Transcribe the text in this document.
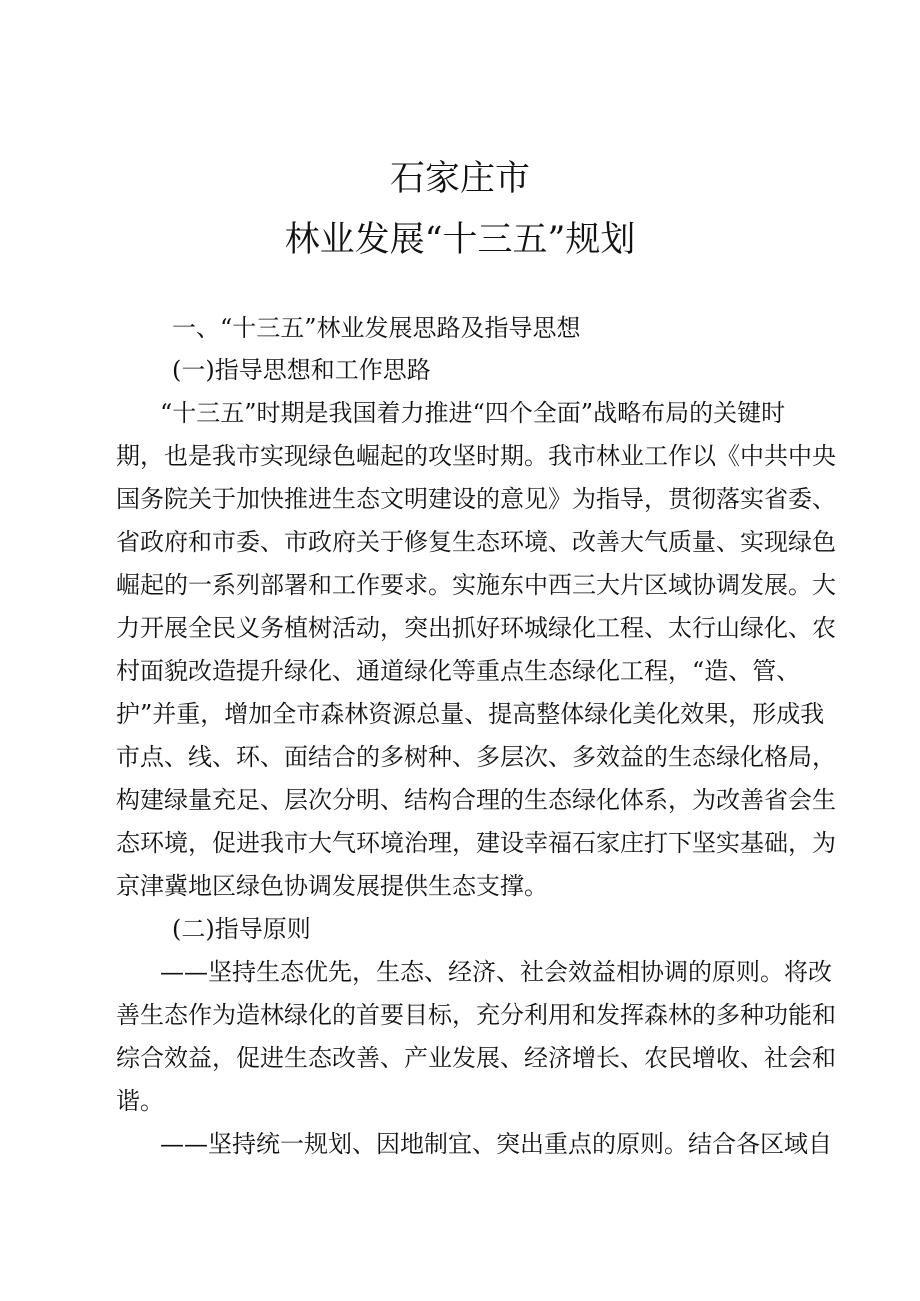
石家庄市
林业发展“十三五”规划

一、“十三五”林业发展思路及指导思想

(一)指导思想和工作思路

“十三五”时期是我国着力推进“四个全面”战略布局的关键时

期，也是我市实现绿色崛起的攻坚时期。我市林业工作以《中共中央

国务院关于加快推进生态文明建设的意见》为指导，贯彻落实省委、

省政府和市委、市政府关于修复生态环境、改善大气质量、实现绿色

崛起的一系列部署和工作要求。实施东中西三大片区域协调发展。大

力开展全民义务植树活动，突出抓好环城绿化工程、太行山绿化、农

村面貌改造提升绿化、通道绿化等重点生态绿化工程，“造、管、

护”并重，增加全市森林资源总量、提高整体绿化美化效果，形成我

市点、线、环、面结合的多树种、多层次、多效益的生态绿化格局，

构建绿量充足、层次分明、结构合理的生态绿化体系，为改善省会生

态环境，促进我市大气环境治理，建设幸福石家庄打下坚实基础，为

京津冀地区绿色协调发展提供生态支撑。

(二)指导原则

——坚持生态优先，生态、经济、社会效益相协调的原则。将改

善生态作为造林绿化的首要目标，充分利用和发挥森林的多种功能和

综合效益，促进生态改善、产业发展、经济增长、农民增收、社会和

谐。

——坚持统一规划、因地制宜、突出重点的原则。结合各区域自
